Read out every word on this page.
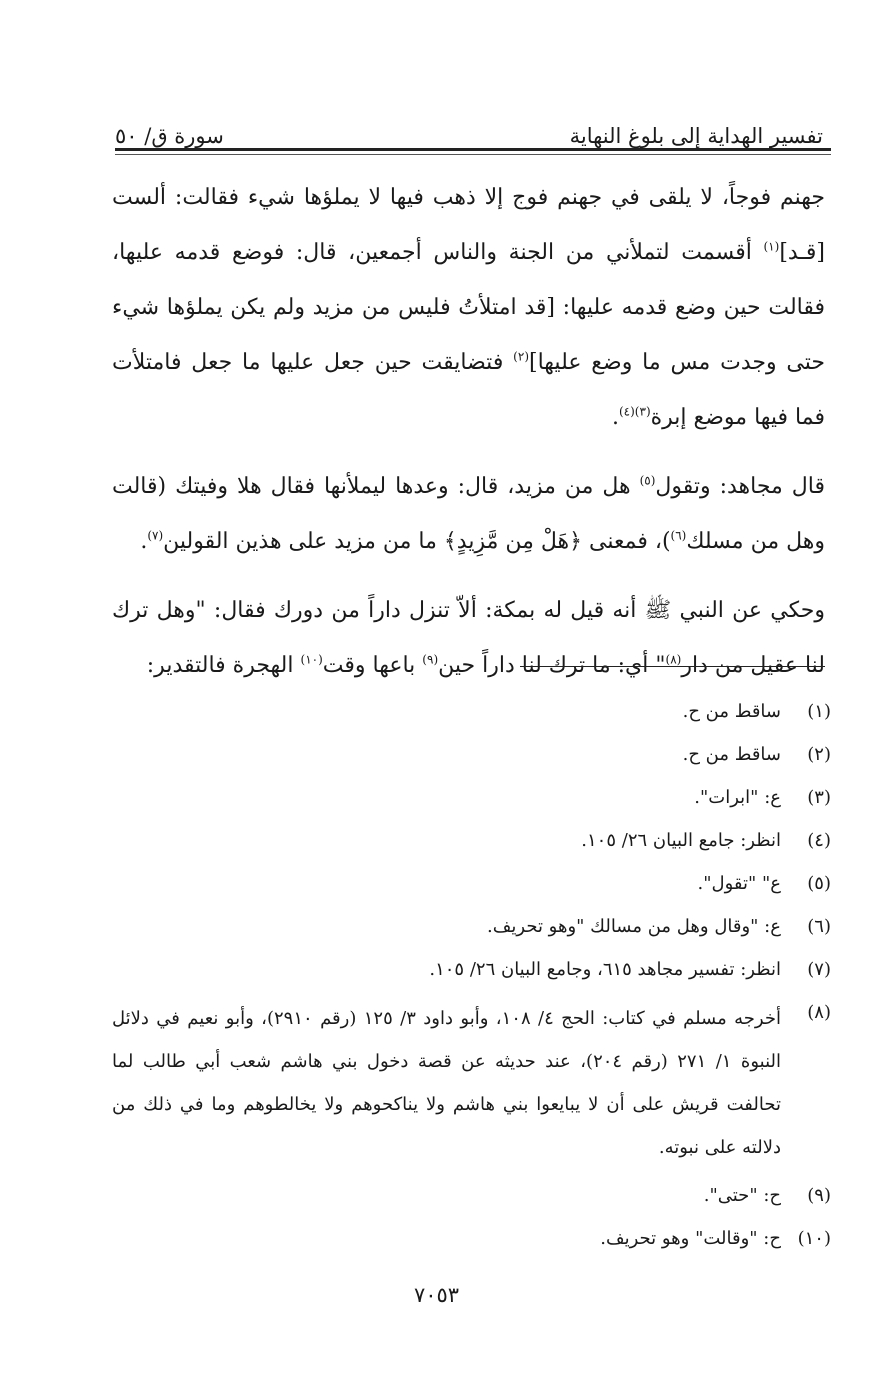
تفسير الهداية إلى بلوغ النهاية
سورة ق/ ٥٠

جهنم فوجاً، لا يلقى في جهنم فوج إلا ذهب فيها لا يملؤها شيء فقالت: ألست [قـد]$^{(١)}$ أقسمت لتملأني من الجنة والناس أجمعين، قال: فوضع قدمه عليها، فقالت حين وضع قدمه عليها: [قد امتلأتُ فليس من مزيد ولم يكن يملؤها شيء حتى وجدت مس ما وضع عليها]$^{(٢)}$ فتضايقت حين جعل عليها ما جعل فامتلأت فما فيها موضع إبرة$^{(٣)(٤)}$.

قال مجاهد: وتقول$^{(٥)}$ هل من مزيد، قال: وعدها ليملأنها فقال هلا وفيتك (قالت وهل من مسلك$^{(٦)}$)، فمعنى ﴿هَلْ مِن مَّزِيدٍ﴾ ما من مزيد على هذين القولين$^{(٧)}$.

وحكي عن النبي ﷺ أنه قيل له بمكة: ألاّ تنزل داراً من دورك فقال: "وهل ترك لنا عقيل من دار$^{(٨)}$" أي: ما ترك لنا داراً حين$^{(٩)}$ باعها وقت$^{(١٠)}$ الهجرة فالتقدير:

(١)
ساقط من ح.
(٢)
ساقط من ح.
(٣)
ع: "ابرات".
(٤)
انظر: جامع البيان ٢٦/ ١٠٥.
(٥)
ع" "تقول".
(٦)
ع: "وقال وهل من مسالك "وهو تحريف.
(٧)
انظر: تفسير مجاهد ٦١٥، وجامع البيان ٢٦/ ١٠٥.
(٨)
أخرجه مسلم في كتاب: الحج ٤/ ١٠٨، وأبو داود ٣/ ١٢٥ (رقم ٢٩١٠)، وأبو نعيم في دلائل النبوة ١/ ٢٧١ (رقم ٢٠٤)، عند حديثه عن قصة دخول بني هاشم شعب أبي طالب لما تحالفت قريش على أن لا يبايعوا بني هاشم ولا يناكحوهم ولا يخالطوهم وما في ذلك من دلالته على نبوته.
(٩)
ح: "حتى".
(١٠)
ح: "وقالت" وهو تحريف.
٧٠٥٣
